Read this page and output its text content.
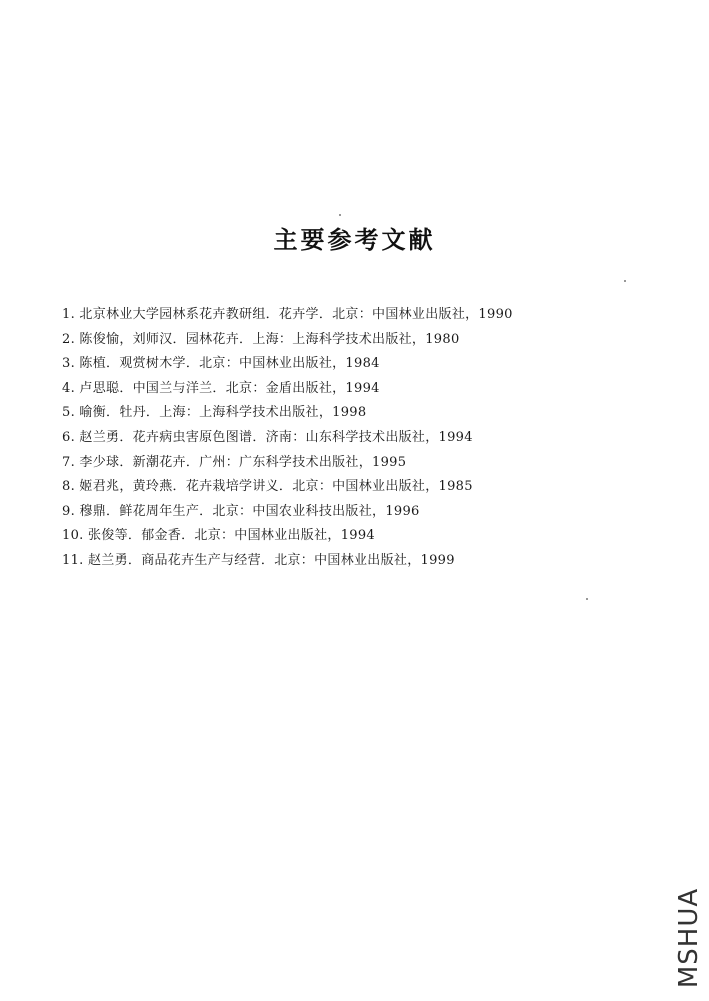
主要参考文献
1. 北京林业大学园林系花卉教研组．花卉学．北京：中国林业出版社，1990
2. 陈俊愉，刘师汉．园林花卉．上海：上海科学技术出版社，1980
3. 陈植．观赏树木学．北京：中国林业出版社，1984
4. 卢思聪．中国兰与洋兰．北京：金盾出版社，1994
5. 喻衡．牡丹．上海：上海科学技术出版社，1998
6. 赵兰勇．花卉病虫害原色图谱．济南：山东科学技术出版社，1994
7. 李少球．新潮花卉．广州：广东科学技术出版社，1995
8. 姬君兆，黄玲燕．花卉栽培学讲义．北京：中国林业出版社，1985
9. 穆鼎．鲜花周年生产．北京：中国农业科技出版社，1996
10. 张俊等．郁金香．北京：中国林业出版社，1994
11. 赵兰勇．商品花卉生产与经营．北京：中国林业出版社，1999
MSHUA
